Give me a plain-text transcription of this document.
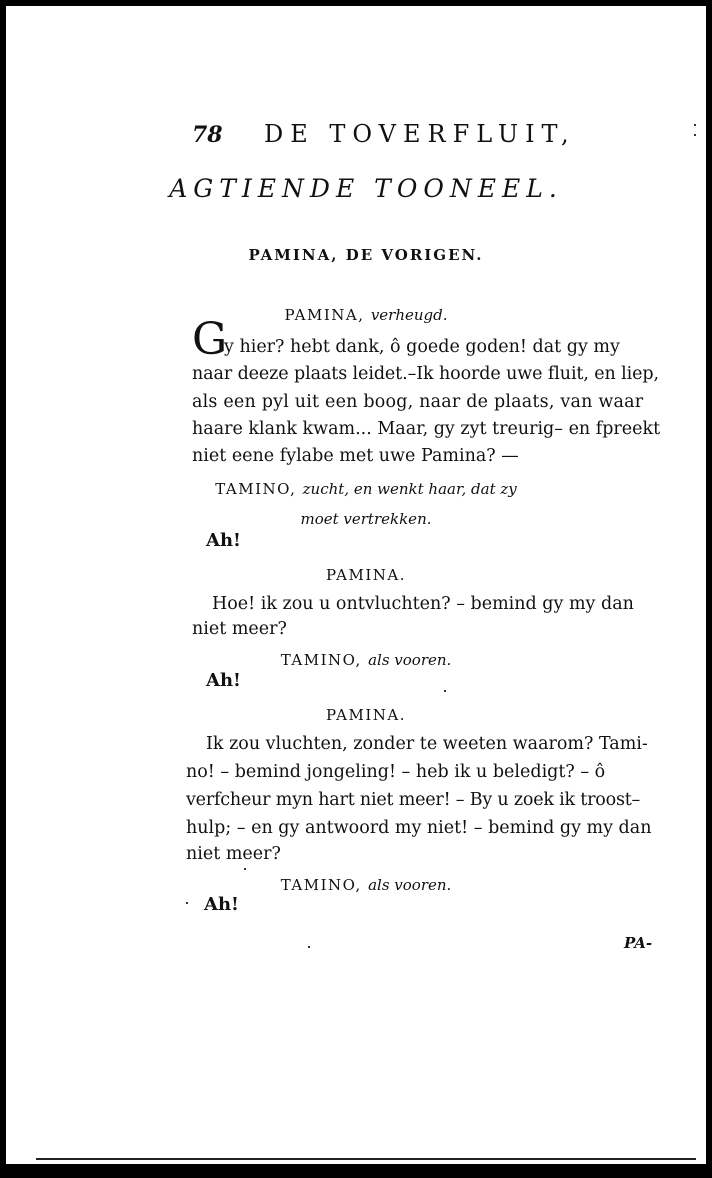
78 DE TOVERFLUIT,
AGTIENDE TOONEEL.
PAMINA, DE VORIGEN.
PAMINA, verheugd.
G
y hier? hebt dank, ô goede goden! dat gy my
naar deeze plaats leidet.–Ik hoorde uwe fluit, en liep,
als een pyl uit een boog, naar de plaats, van waar
haare klank kwam... Maar, gy zyt treurig– en fpreekt
niet eene fylabe met uwe Pamina? —
TAMINO, zucht, en wenkt haar, dat zy
moet vertrekken.
Ah!
PAMINA.
Hoe! ik zou u ontvluchten? – bemind gy my dan
niet meer?
TAMINO, als vooren.
Ah!
PAMINA.
Ik zou vluchten, zonder te weeten waarom? Tami-
no! – bemind jongeling! – heb ik u beledigt? – ô
verfcheur myn hart niet meer! – By u zoek ik troost–
hulp; – en gy antwoord my niet! – bemind gy my dan
niet meer?
TAMINO, als vooren.
Ah!
PA-
